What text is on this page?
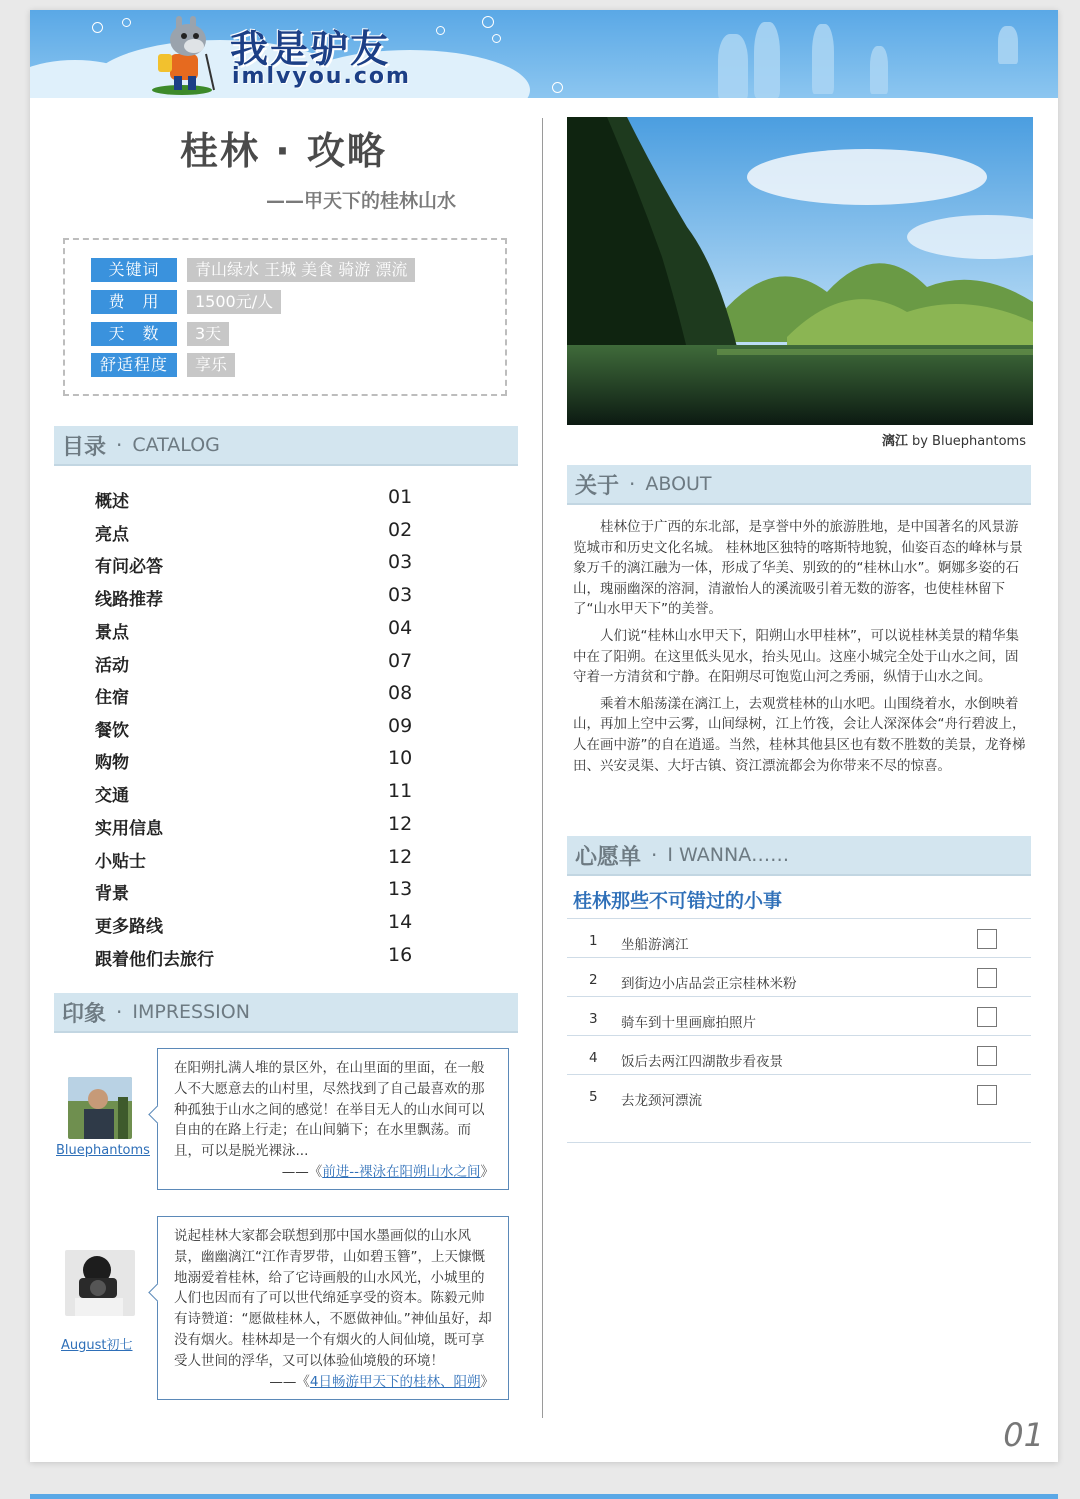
我是驴友
imlvyou.com
桂林 · 攻略
——甲天下的桂林山水
关键词	青山绿水 王城 美食 骑游 漂流
费　用	1500元/人
天　数	3天
舒适程度	享乐
目录 · CATALOG
概述	01
亮点	02
有问必答	03
线路推荐	03
景点	04
活动	07
住宿	08
餐饮	09
购物	10
交通	11
实用信息	12
小贴士	12
背景	13
更多路线	14
跟着他们去旅行	16
印象 · IMPRESSION
Bluephantoms
在阳朔扎满人堆的景区外，在山里面的里面，在一般人不大愿意去的山村里，尽然找到了自己最喜欢的那种孤独于山水之间的感觉！在举目无人的山水间可以自由的在路上行走；在山间躺下；在水里飘荡。而且，可以是脱光裸泳...
——《前进--裸泳在阳朔山水之间》
August初七
说起桂林大家都会联想到那中国水墨画似的山水风景，幽幽漓江“江作青罗带，山如碧玉簪”，上天慷慨地溺爱着桂林，给了它诗画般的山水风光，小城里的人们也因而有了可以世代绵延享受的资本。陈毅元帅有诗赞道：“愿做桂林人，不愿做神仙。”神仙虽好，却没有烟火。桂林却是一个有烟火的人间仙境，既可享受人世间的浮华，又可以体验仙境般的环境！
——《4日畅游甲天下的桂林、阳朔》
漓江 by Bluephantoms
关于 · ABOUT

桂林位于广西的东北部，是享誉中外的旅游胜地，是中国著名的风景游览城市和历史文化名城。 桂林地区独特的喀斯特地貌，仙姿百态的峰林与景象万千的漓江融为一体，形成了华美、别致的的“桂林山水”。婀娜多姿的石山，瑰丽幽深的溶洞，清澈怡人的溪流吸引着无数的游客，也使桂林留下了“山水甲天下”的美誉。

人们说“桂林山水甲天下，阳朔山水甲桂林”，可以说桂林美景的精华集中在了阳朔。在这里低头见水，抬头见山。这座小城完全处于山水之间，固守着一方清贫和宁静。在阳朔尽可饱览山河之秀丽，纵情于山水之间。

乘着木船荡漾在漓江上，去观赏桂林的山水吧。山围绕着水，水倒映着山，再加上空中云雾，山间绿树，江上竹筏，会让人深深体会“舟行碧波上，人在画中游”的自在逍遥。当然，桂林其他县区也有数不胜数的美景，龙脊梯田、兴安灵渠、大圩古镇、资江漂流都会为你带来不尽的惊喜。

心愿单 · I WANNA……
桂林那些不可错过的小事
1 坐船游漓江
2 到街边小店品尝正宗桂林米粉
3 骑车到十里画廊拍照片
4 饭后去两江四湖散步看夜景
5 去龙颈河漂流
01
